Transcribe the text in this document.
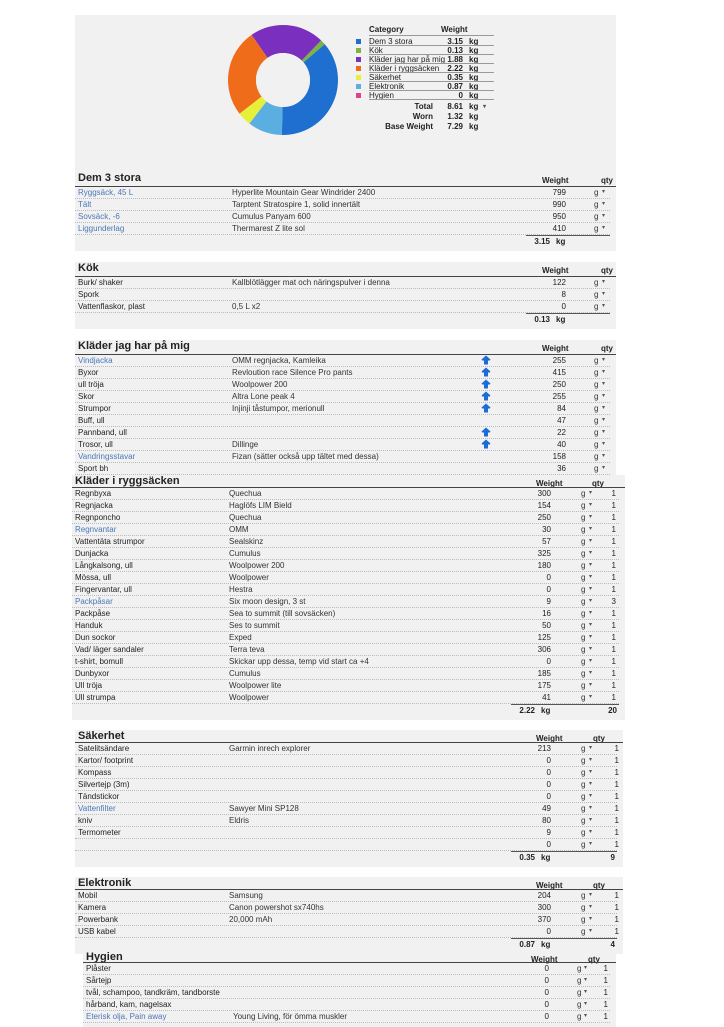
Category	Weight
Dem 3 stora	3.15 kg
Kök	0.13 kg
Kläder jag har på mig 1.88 kg
Kläder i ryggsäcken	2.22 kg
Säkerhet	0.35 kg
Elektronik	0.87 kg
Hygien	0 kg
Total	8.61 kg ▾
Worn	1.32 kg
Base Weight	7.29 kg
Dem 3 stora	Weight	qty
Ryggsäck, 45 L	Hyperlite Mountain Gear Windrider 2400	799	g ▾
Tält	Tarptent Stratospire 1, solid innertält	990	g ▾
Sovsäck, -6	Cumulus Panyam 600	950	g ▾
Liggunderlag	Thermarest Z lite sol	410	g ▾
3.15 kg
Kök	Weight	qty
Burk/ shaker	Kallblötlägger mat och näringspulver i denna	122	g ▾
Spork	8	g ▾
Vattenflaskor, plast	0,5 L x2	0	g ▾
0.13 kg
Kläder jag har på mig	Weight	qty
Vindjacka	OMM regnjacka, Kamleika	255	g ▾
Byxor	Revloution race Silence Pro pants	415	g ▾
ull tröja	Woolpower 200	250	g ▾
Skor	Altra Lone peak 4	255	g ▾
Strumpor	Injinji tåstumpor, merionull	84	g ▾
Buff, ull	47	g ▾
Pannband, ull	22	g ▾
Trosor, ull	Dillinge	40	g ▾
Vandringsstavar	Fizan (sätter också upp tältet med dessa)	158	g ▾
Sport bh	36	g ▾
Kläder i ryggsäcken	Weight	qty
Regnbyxa	Quechua	300	g ▾	1
Regnjacka	Haglöfs LIM Bield	154	g ▾	1
Regnponcho	Quechua	250	g ▾	1
Regnvantar	OMM	30	g ▾	1
Vattentäta strumpor	Sealskinz	57	g ▾	1
Dunjacka	Cumulus	325	g ▾	1
Långkalsong, ull	Woolpower 200	180	g ▾	1
Mössa, ull	Woolpower	0	g ▾	1
Fingervantar, ull	Hestra	0	g ▾	1
Packpåsar	Six moon design, 3 st	9	g ▾	3
Packpåse	Sea to summit (till sovsäcken)	16	g ▾	1
Handuk	Ses to summit	50	g ▾	1
Dun sockor	Exped	125	g ▾	1
Vad/ läger sandaler	Terra teva	306	g ▾	1
t-shirt, bomull	Skickar upp dessa, temp vid start ca +4	0	g ▾	1
Dunbyxor	Cumulus	185	g ▾	1
Ull tröja	Woolpower lite	175	g ▾	1
Ull strumpa	Woolpower	41	g ▾	1
2.22 kg	20
Säkerhet	Weight	qty
Satelitsändare	Garmin inrech explorer	213	g ▾	1
Kartor/ footprint	0	g ▾	1
Kompass	0	g ▾	1
Silvertejp (3m)	0	g ▾	1
Tändstickor	0	g ▾	1
Vattenfilter	Sawyer Mini SP128	49	g ▾	1
kniv	Eldris	80	g ▾	1
Termometer	9	g ▾	1
0	g ▾	1
0.35 kg	9
Elektronik	Weight	qty
Mobil	Samsung	204	g ▾	1
Kamera	Canon powershot sx740hs	300	g ▾	1
Powerbank	20,000 mAh	370	g ▾	1
USB kabel	0	g ▾	1
0.87 kg	4
Hygien	Weight	qty
Plåster	0	g ▾	1
Sårtejp	0	g ▾	1
tvål, schampoo, tandkräm, tandborste	0	g ▾	1
hårband, kam, nagelsax	0	g ▾	1
Eterisk olja, Pain away	Young Living, för ömma muskler	0	g ▾	1
